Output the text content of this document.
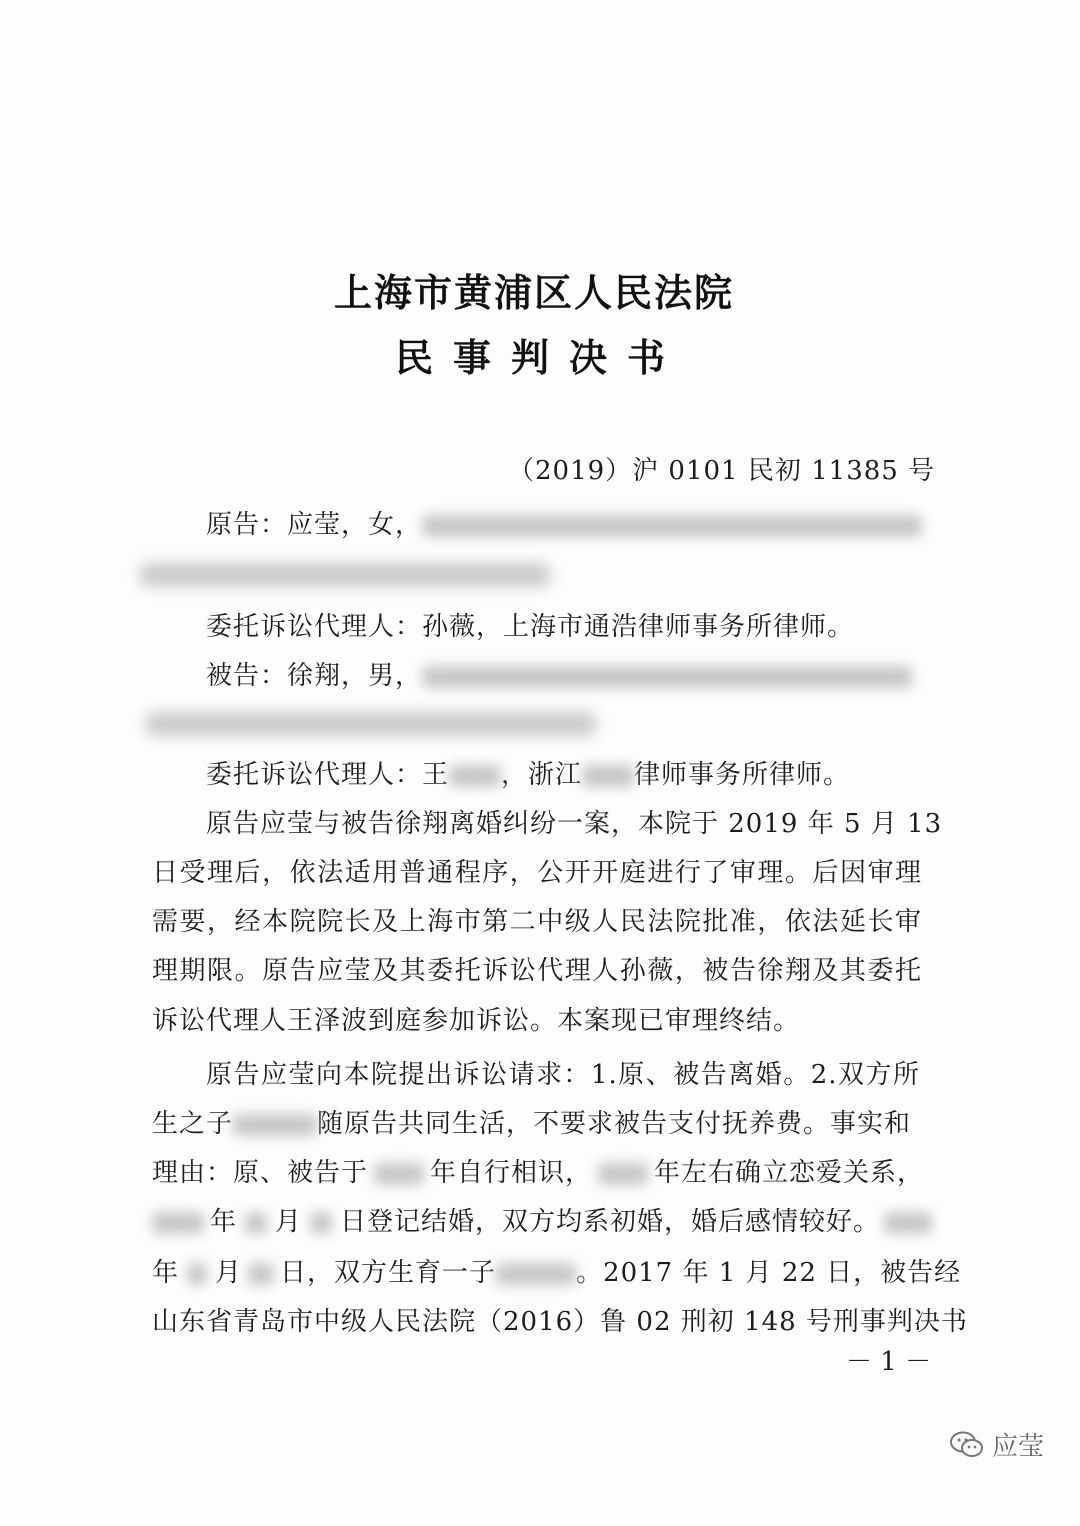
上海市黄浦区人民法院
民事判决书
（2019）沪 0101 民初 11385 号
原告：应莹，女，
委托诉讼代理人：孙薇，上海市通浩律师事务所律师。
被告：徐翔，男，
委托诉讼代理人：王 ，浙江 律师事务所律师。
原告应莹与被告徐翔离婚纠纷一案，本院于 2019 年 5 月 13
日受理后，依法适用普通程序，公开开庭进行了审理。后因审理
需要，经本院院长及上海市第二中级人民法院批准，依法延长审
理期限。原告应莹及其委托诉讼代理人孙薇，被告徐翔及其委托
诉讼代理人王泽波到庭参加诉讼。本案现已审理终结。
原告应莹向本院提出诉讼请求：1.原、被告离婚。2.双方所
生之子	随原告共同生活，不要求被告支付抚养费。事实和
理由：原、被告于 年自行相识， 年左右确立恋爱关系，
年 月 日登记结婚，双方均系初婚，婚后感情较好。
年 月 日，双方生育一子	。2017 年 1 月 22 日，被告经
山东省青岛市中级人民法院（2016）鲁 02 刑初 148 号刑事判决书
－ 1 －
应莹
